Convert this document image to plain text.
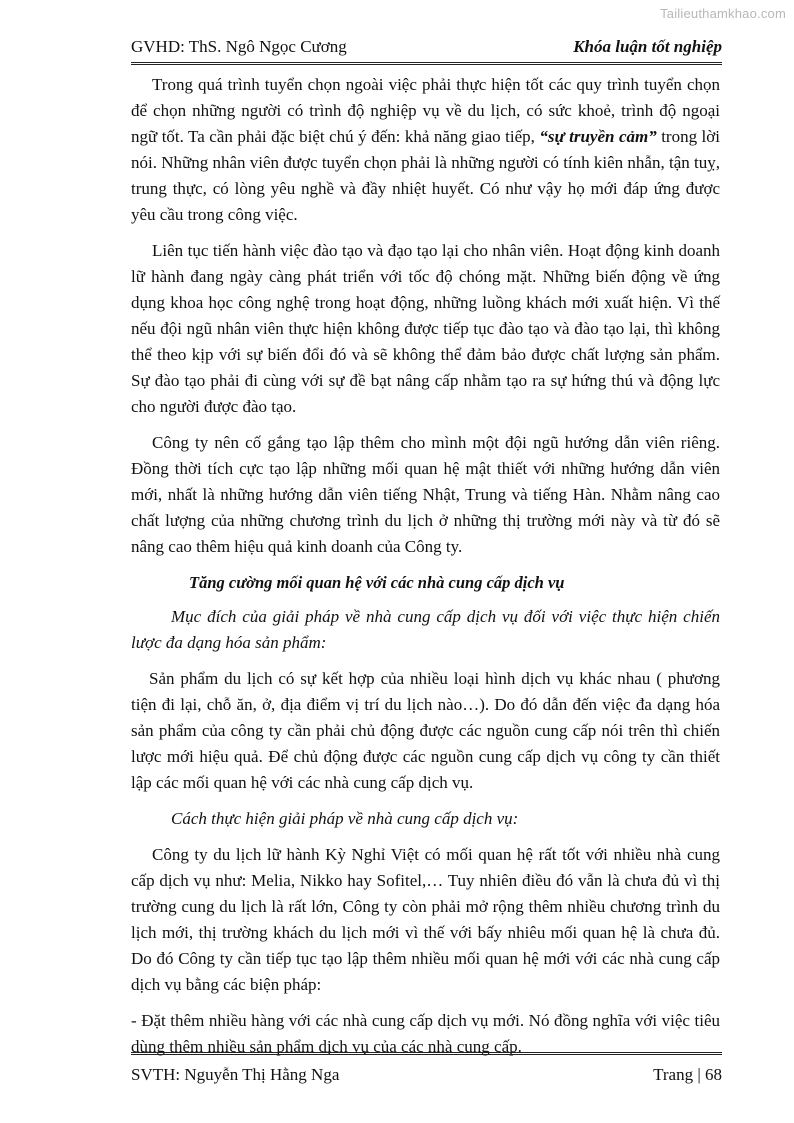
Tailieuthamkhao.com
GVHD: ThS. Ngô Ngọc Cương	Khóa luận tốt nghiệp

Trong quá trình tuyển chọn ngoài việc phải thực hiện tốt các quy trình tuyển chọn để chọn những người có trình độ nghiệp vụ về du lịch, có sức khoẻ, trình độ ngoại ngữ tốt. Ta cần phải đặc biệt chú ý đến: khả năng giao tiếp, “sự truyền cảm” trong lời nói. Những nhân viên được tuyển chọn phải là những người có tính kiên nhẫn, tận tuỵ, trung thực, có lòng yêu nghề và đầy nhiệt huyết. Có như vậy họ mới đáp ứng được yêu cầu trong công việc.

Liên tục tiến hành việc đào tạo và đạo tạo lại cho nhân viên. Hoạt động kinh doanh lữ hành đang ngày càng phát triển với tốc độ chóng mặt. Những biến động về ứng dụng khoa học công nghệ trong hoạt động, những luồng khách mới xuất hiện. Vì thế nếu đội ngũ nhân viên thực hiện không được tiếp tục đào tạo và đào tạo lại, thì không thể theo kịp với sự biến đổi đó và sẽ không thể đảm bảo được chất lượng sản phẩm. Sự đào tạo phải đi cùng với sự đề bạt nâng cấp nhằm tạo ra sự hứng thú và động lực cho người được đào tạo.

Công ty nên cố gắng tạo lập thêm cho mình một đội ngũ hướng dẫn viên riêng. Đồng thời tích cực tạo lập những mối quan hệ mật thiết với những hướng dẫn viên mới, nhất là những hướng dẫn viên tiếng Nhật, Trung và tiếng Hàn. Nhằm nâng cao chất lượng của những chương trình du lịch ở những thị trường mới này và từ đó sẽ nâng cao thêm hiệu quả kinh doanh của Công ty.

Tăng cường mối quan hệ với các nhà cung cấp dịch vụ

Mục đích của giải pháp về nhà cung cấp dịch vụ đối với việc thực hiện chiến lược đa dạng hóa sản phẩm:

Sản phẩm du lịch có sự kết hợp của nhiều loại hình dịch vụ khác nhau ( phương tiện đi lại, chỗ ăn, ở, địa điểm vị trí du lịch nào…). Do đó dẫn đến việc đa dạng hóa sản phẩm của công ty cần phải chủ động được các nguồn cung cấp nói trên thì chiến lược mới hiệu quả. Để chủ động được các nguồn cung cấp dịch vụ công ty cần thiết lập các mối quan hệ với các nhà cung cấp dịch vụ.

Cách thực hiện giải pháp về nhà cung cấp dịch vụ:

Công ty du lịch lữ hành Kỳ Nghỉ Việt có mối quan hệ rất tốt với nhiều nhà cung cấp dịch vụ như: Melia, Nikko hay Sofitel,… Tuy nhiên điều đó vẫn là chưa đủ vì thị trường cung du lịch là rất lớn, Công ty còn phải mở rộng thêm nhiều chương trình du lịch mới, thị trường khách du lịch mới vì thế với bấy nhiêu mối quan hệ là chưa đủ. Do đó Công ty cần tiếp tục tạo lập thêm nhiều mối quan hệ mới với các nhà cung cấp dịch vụ bằng các biện pháp:

- Đặt thêm nhiều hàng với các nhà cung cấp dịch vụ mới. Nó đồng nghĩa với việc tiêu dùng thêm nhiều sản phẩm dịch vụ của các nhà cung cấp.

SVTH: Nguyễn Thị Hằng Nga	Trang | 68
